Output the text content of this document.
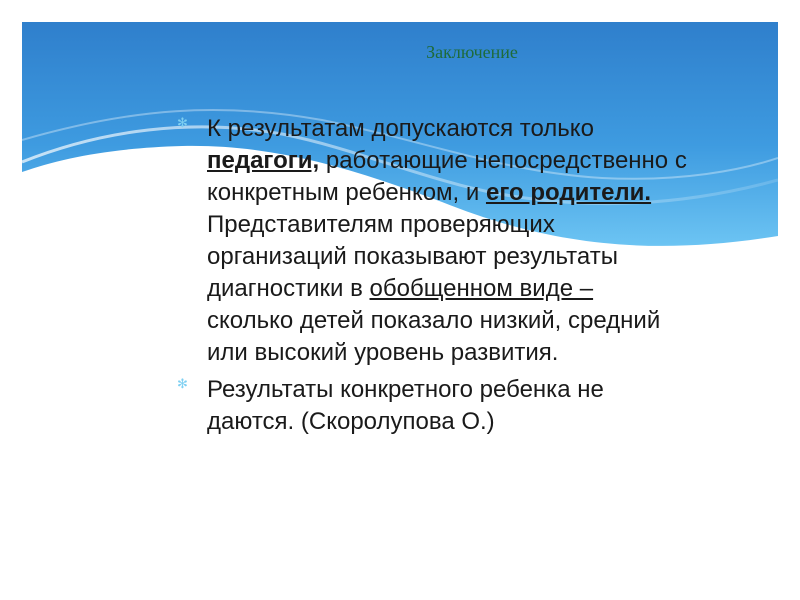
Заключение
✻ К результатам допускаются только
педагоги, работающие непосредственно с
конкретным ребенком, и его родители.
Представителям проверяющих
организаций показывают результаты
диагностики в обобщенном виде –
сколько детей показало низкий, средний
или высокий уровень развития.
✻ Результаты конкретного ребенка не
даются. (Скоролупова О.)
